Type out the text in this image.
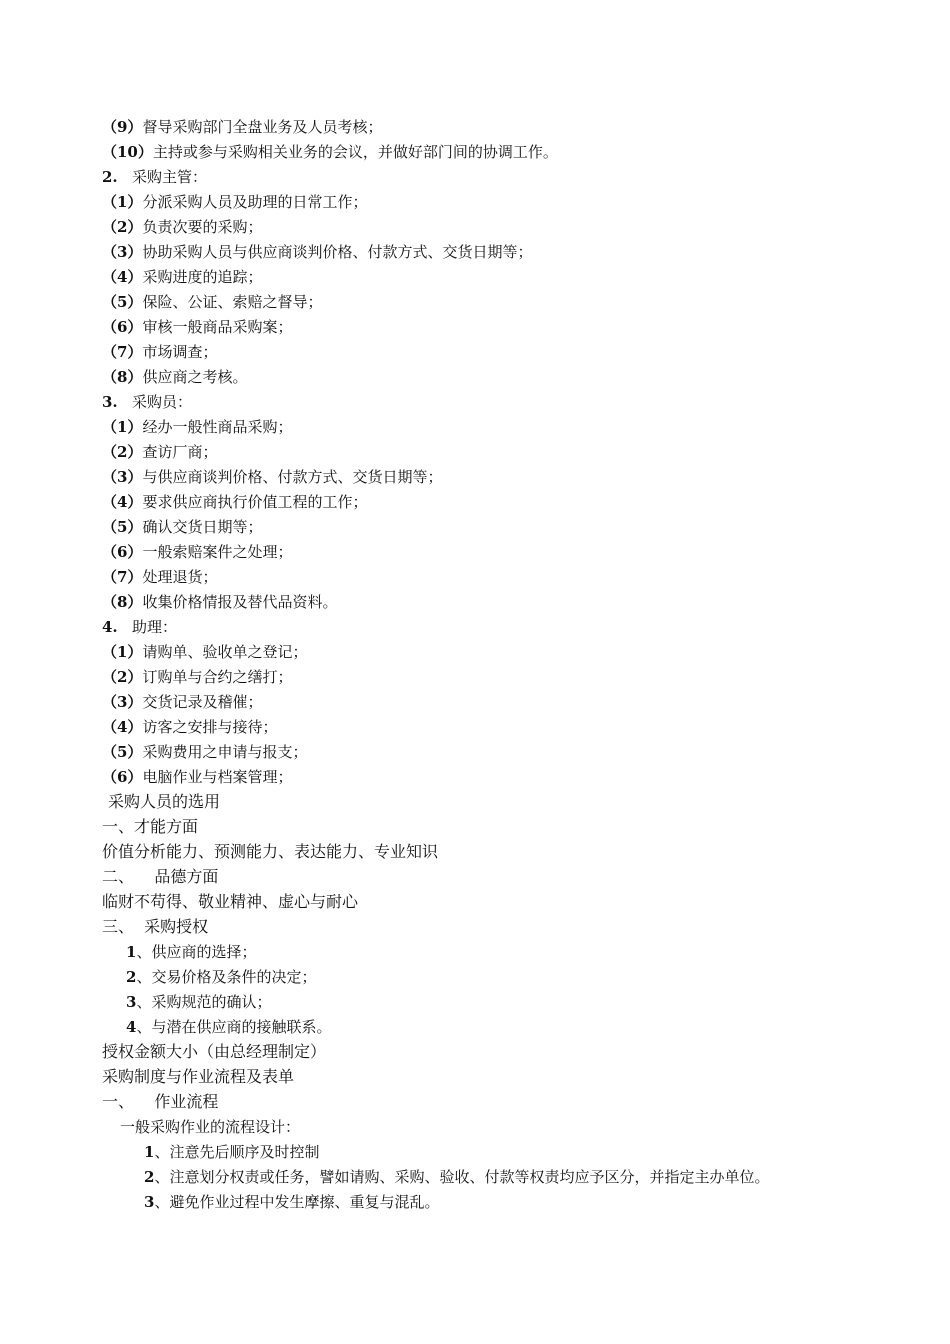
（9）督导采购部门全盘业务及人员考核；
（10）主持或参与采购相关业务的会议，并做好部门间的协调工作。
2. 采购主管：
（1）分派采购人员及助理的日常工作；
（2）负责次要的采购；
（3）协助采购人员与供应商谈判价格、付款方式、交货日期等；
（4）采购进度的追踪；
（5）保险、公证、索赔之督导；
（6）审核一般商品采购案；
（7）市场调查；
（8）供应商之考核。
3. 采购员：
（1）经办一般性商品采购；
（2）查访厂商；
（3）与供应商谈判价格、付款方式、交货日期等；
（4）要求供应商执行价值工程的工作；
（5）确认交货日期等；
（6）一般索赔案件之处理；
（7）处理退货；
（8）收集价格情报及替代品资料。
4. 助理：
（1）请购单、验收单之登记；
（2）订购单与合约之缮打；
（3）交货记录及稽催；
（4）访客之安排与接待；
（5）采购费用之申请与报支；
（6）电脑作业与档案管理；
采购人员的选用
一、才能方面
价值分析能力、预测能力、表达能力、专业知识
二、    品德方面
临财不苟得、敬业精神、虚心与耐心
三、  采购授权
1、供应商的选择；
2、交易价格及条件的决定；
3、采购规范的确认；
4、与潜在供应商的接触联系。
授权金额大小（由总经理制定）
采购制度与作业流程及表单
一、    作业流程
一般采购作业的流程设计：
1、注意先后顺序及时控制
2、注意划分权责或任务，譬如请购、采购、验收、付款等权责均应予区分，并指定主办单位。
3、避免作业过程中发生摩擦、重复与混乱。
